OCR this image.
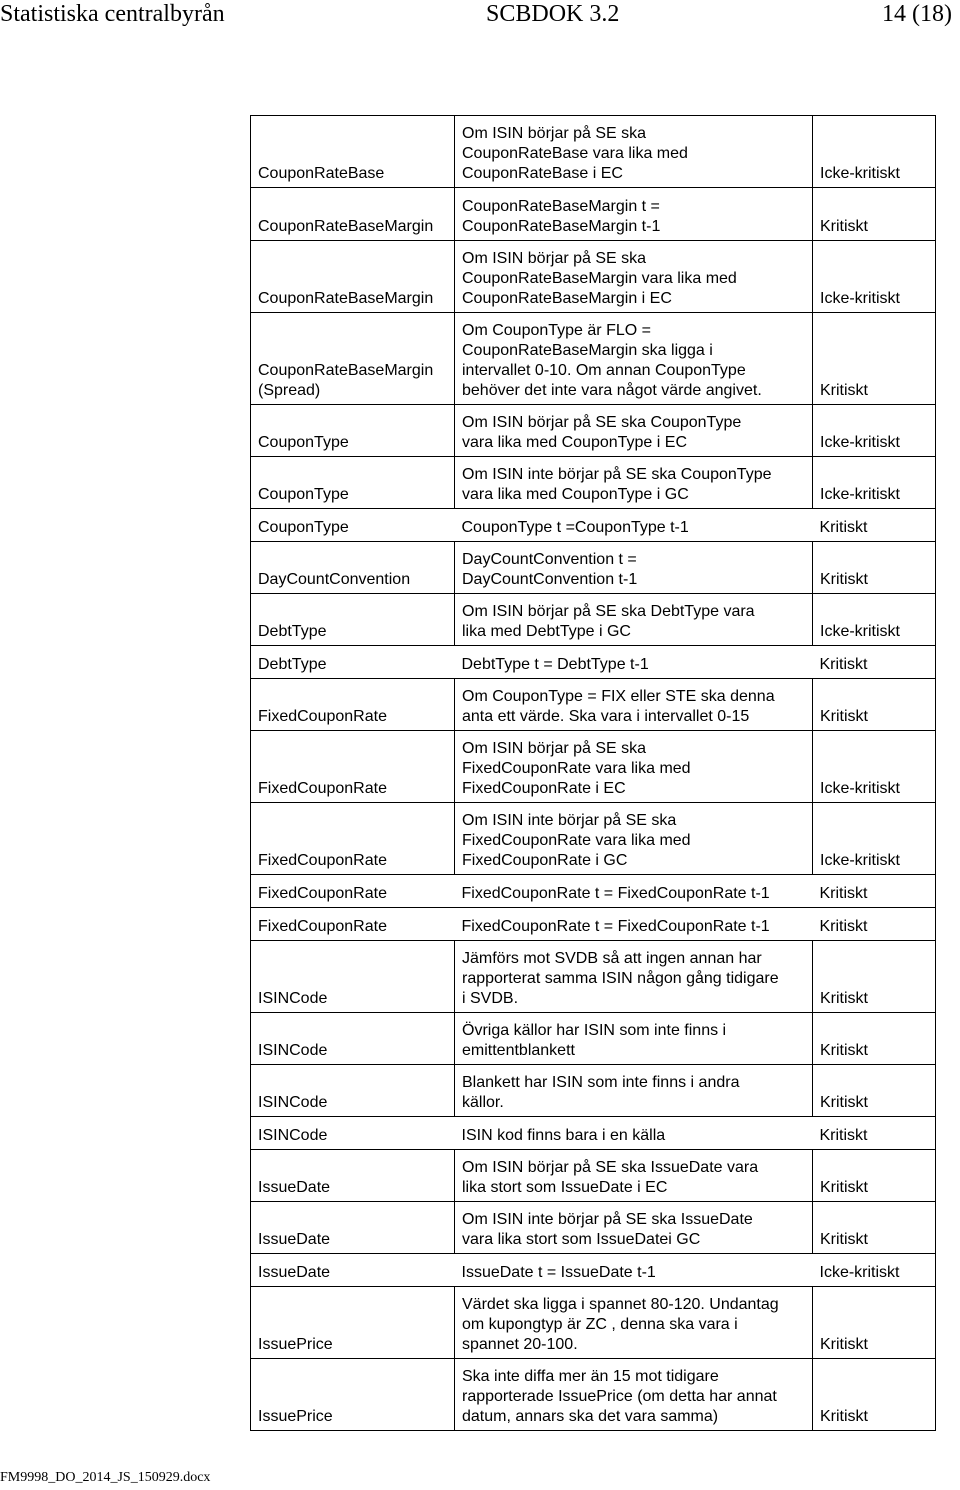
Statistiska centralbyrån	SCBDOK 3.2	14 (18)
CouponRateBase	Om ISIN börjar på SE ska
CouponRateBase vara lika med
CouponRateBase i EC	Icke-kritiskt
CouponRateBaseMargin	CouponRateBaseMargin t =
CouponRateBaseMargin t-1	Kritiskt
CouponRateBaseMargin	Om ISIN börjar på SE ska
CouponRateBaseMargin vara lika med
CouponRateBaseMargin i EC	Icke-kritiskt
CouponRateBaseMargin
(Spread)	Om CouponType är FLO =
CouponRateBaseMargin ska ligga i
intervallet 0-10. Om annan CouponType
behöver det inte vara något värde angivet.	Kritiskt
CouponType	Om ISIN börjar på SE ska CouponType
vara lika med CouponType i EC	Icke-kritiskt
CouponType	Om ISIN inte börjar på SE ska CouponType
vara lika med CouponType i GC	Icke-kritiskt
CouponType	CouponType t =CouponType t-1	Kritiskt
DayCountConvention	DayCountConvention t =
DayCountConvention t-1	Kritiskt
DebtType	Om ISIN börjar på SE ska DebtType vara
lika med DebtType i GC	Icke-kritiskt
DebtType	DebtType t = DebtType t-1	Kritiskt
FixedCouponRate	Om CouponType = FIX eller STE ska denna
anta ett värde. Ska vara i intervallet 0-15	Kritiskt
FixedCouponRate	Om ISIN börjar på SE ska
FixedCouponRate vara lika med
FixedCouponRate i EC	Icke-kritiskt
FixedCouponRate	Om ISIN inte börjar på SE ska
FixedCouponRate vara lika med
FixedCouponRate i GC	Icke-kritiskt
FixedCouponRate	FixedCouponRate t = FixedCouponRate t-1	Kritiskt
FixedCouponRate	FixedCouponRate t = FixedCouponRate t-1	Kritiskt
ISINCode	Jämförs mot SVDB så att ingen annan har
rapporterat samma ISIN någon gång tidigare
i SVDB.	Kritiskt
ISINCode	Övriga källor har ISIN som inte finns i
emittentblankett	Kritiskt
ISINCode	Blankett har ISIN som inte finns i andra
källor.	Kritiskt
ISINCode	ISIN kod finns bara i en källa	Kritiskt
IssueDate	Om ISIN börjar på SE ska IssueDate vara
lika stort som IssueDate i EC	Kritiskt
IssueDate	Om ISIN inte börjar på SE ska IssueDate
vara lika stort som IssueDatei GC	Kritiskt
IssueDate	IssueDate t = IssueDate t-1	Icke-kritiskt
IssuePrice	Värdet ska ligga i spannet 80-120. Undantag
om kupongtyp är ZC , denna ska vara i
spannet 20-100.	Kritiskt
IssuePrice	Ska inte diffa mer än 15 mot tidigare
rapporterade IssuePrice (om detta har annat
datum, annars ska det vara samma)	Kritiskt
FM9998_DO_2014_JS_150929.docx
